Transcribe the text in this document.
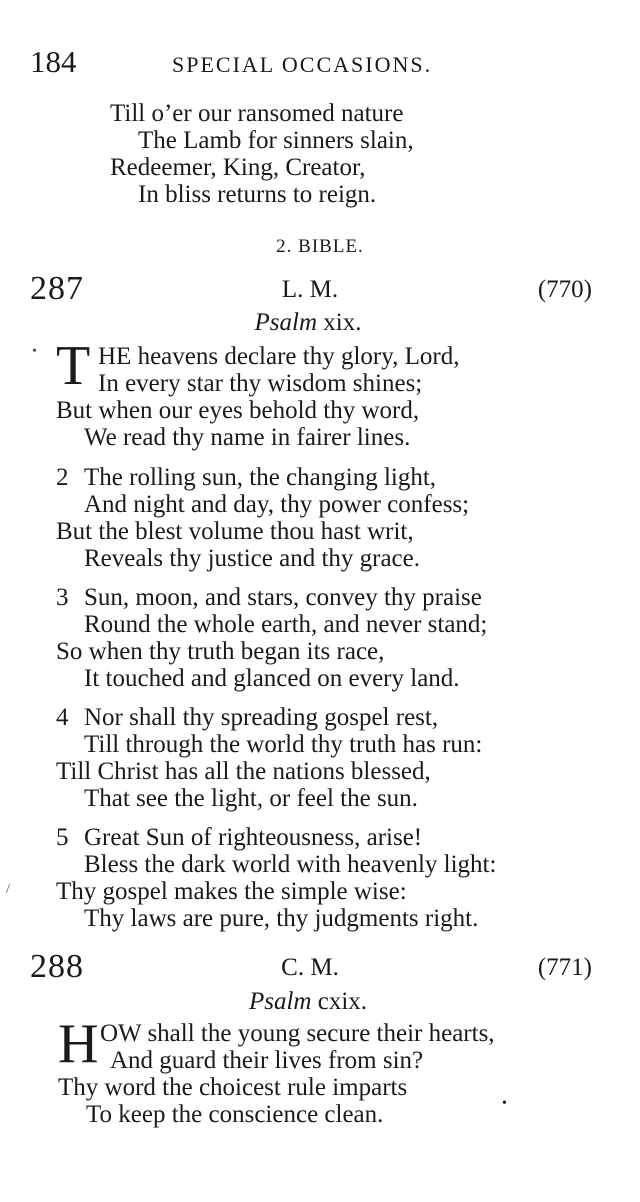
184	SPECIAL OCCASIONS.
Till o’er our ransomed nature
The Lamb for sinners slain,
Redeemer, King, Creator,
In bliss returns to reign.
2. BIBLE.
287	L. M.	(770)
Psalm xix.
• T HE heavens declare thy glory, Lord,
In every star thy wisdom shines;
But when our eyes behold thy word,
We read thy name in fairer lines.
2 The rolling sun, the changing light,
And night and day, thy power confess;
But the blest volume thou hast writ,
Reveals thy justice and thy grace.
3 Sun, moon, and stars, convey thy praise
Round the whole earth, and never stand;
So when thy truth began its race,
It touched and glanced on every land.
4 Nor shall thy spreading gospel rest,
Till through the world thy truth has run:
Till Christ has all the nations blessed,
That see the light, or feel the sun.
5 Great Sun of righteousness, arise!
Bless the dark world with heavenly light:
/ Thy gospel makes the simple wise:
Thy laws are pure, thy judgments right.
288	C. M.	(771)
Psalm cxix.
H OW shall the young secure their hearts,
And guard their lives from sin?
Thy word the choicest rule imparts
To keep the conscience clean.	•
